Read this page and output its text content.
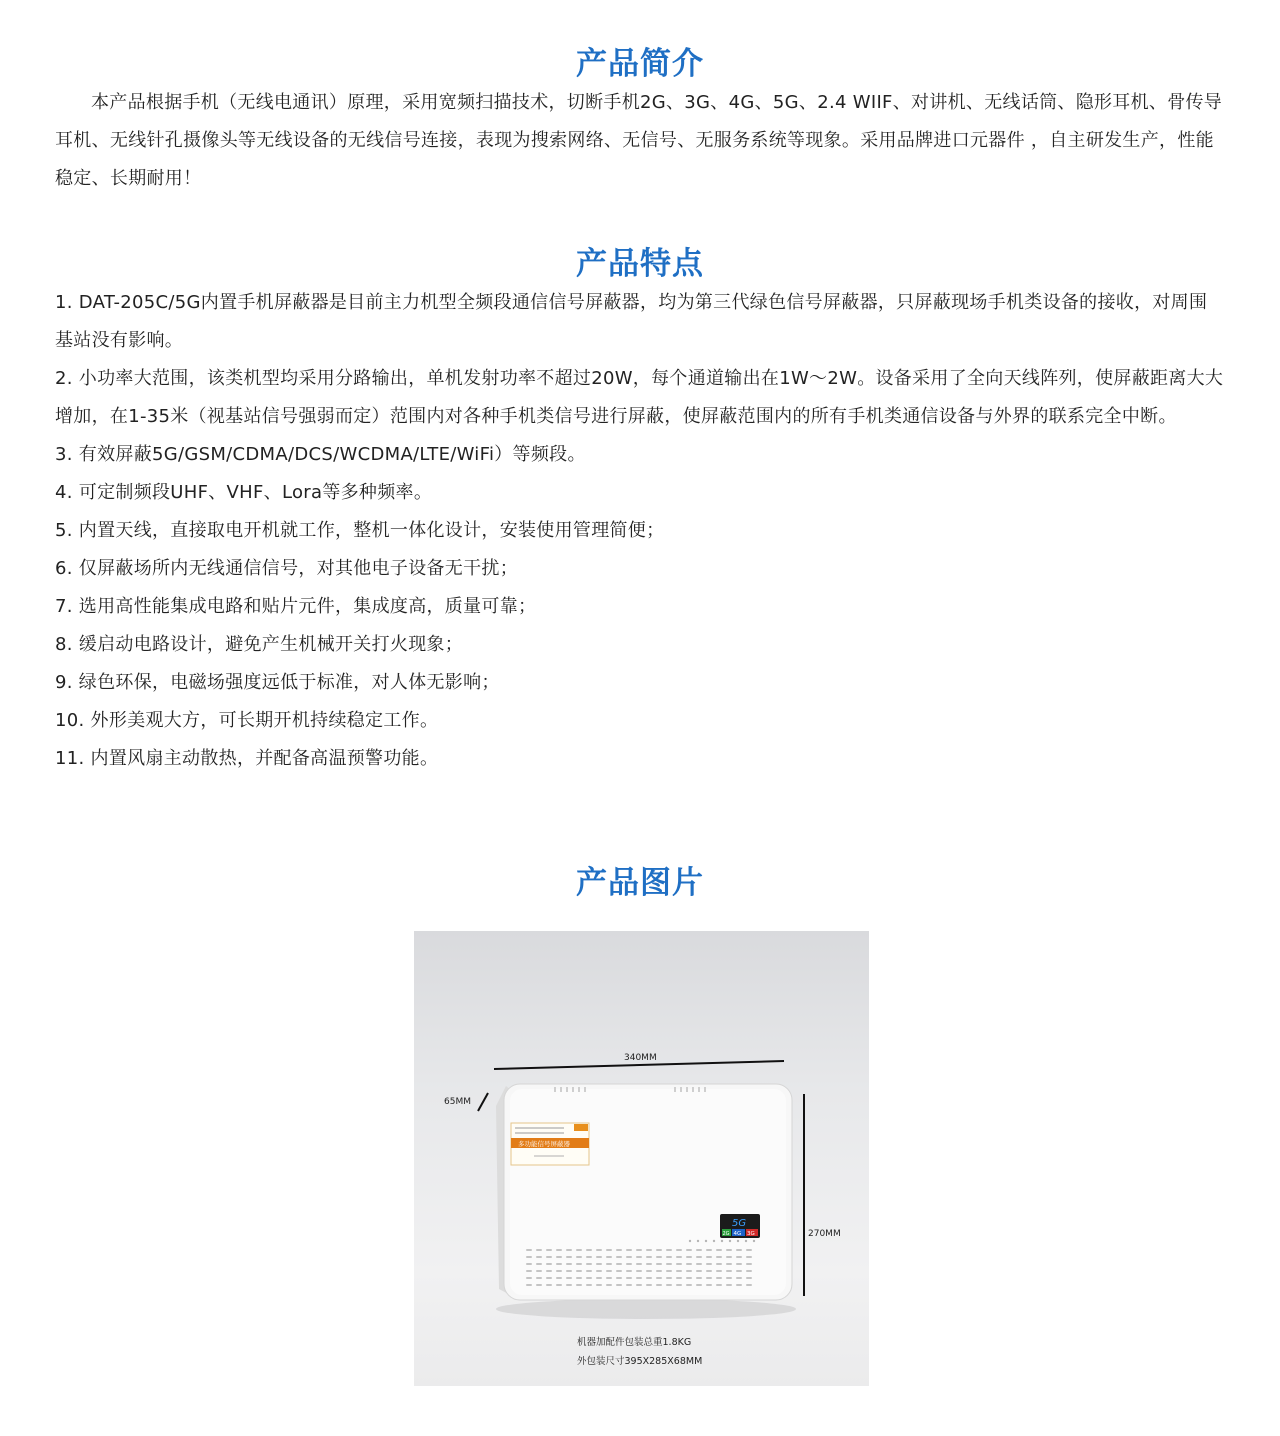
产品简介

本产品根据手机（无线电通讯）原理，采用宽频扫描技术，切断手机2G、3G、4G、5G、2.4 WIIF、对讲机、无线话筒、隐形耳机、骨传导耳机、无线针孔摄像头等无线设备的无线信号连接，表现为搜索网络、无信号、无服务系统等现象。采用品牌进口元器件 ，自主研发生产，性能稳定、长期耐用！

产品特点
1. DAT-205C/5G内置手机屏蔽器是目前主力机型全频段通信信号屏蔽器，均为第三代绿色信号屏蔽器，只屏蔽现场手机类设备的接收，对周围基站没有影响。
2. 小功率大范围，该类机型均采用分路输出，单机发射功率不超过20W，每个通道输出在1W～2W。设备采用了全向天线阵列，使屏蔽距离大大增加，在1-35米（视基站信号强弱而定）范围内对各种手机类信号进行屏蔽，使屏蔽范围内的所有手机类通信设备与外界的联系完全中断。
3. 有效屏蔽5G/GSM/CDMA/DCS/WCDMA/LTE/WiFi）等频段。
4. 可定制频段UHF、VHF、Lora等多种频率。
5. 内置天线，直接取电开机就工作，整机一体化设计，安装使用管理简便；
6. 仅屏蔽场所内无线通信信号，对其他电子设备无干扰；
7. 选用高性能集成电路和贴片元件，集成度高，质量可靠；
8. 缓启动电路设计，避免产生机械开关打火现象；
9. 绿色环保，电磁场强度远低于标准，对人体无影响；
10. 外形美观大方，可长期开机持续稳定工作。
11. 内置风扇主动散热，并配备高温预警功能。
产品图片
340MM
65MM
270MM
多功能信号屏蔽器
5G
2G 4G 3G
机器加配件包装总重1.8KG
外包装尺寸395X285X68MM
